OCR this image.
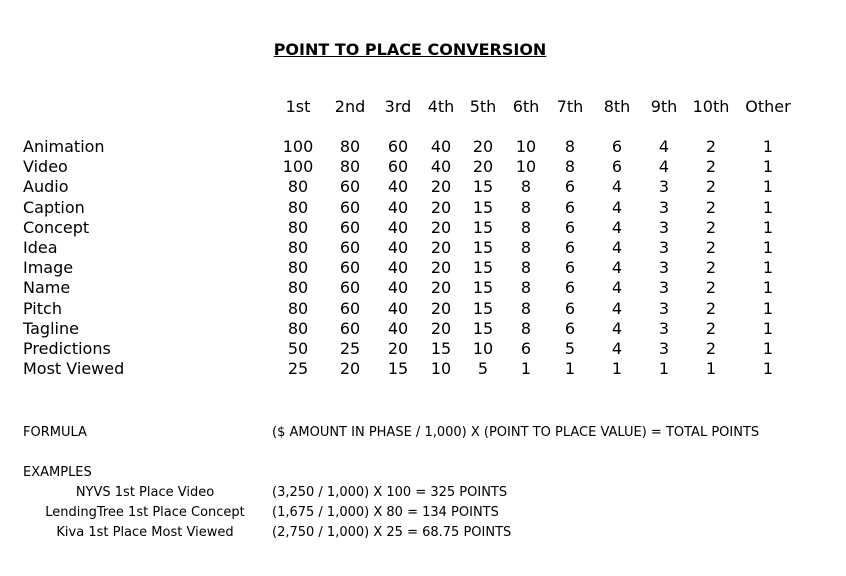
POINT TO PLACE CONVERSION
1st 2nd 3rd 4th 5th 6th 7th 8th 9th 10th Other
Animation	100 80 60 40 20 10 8 6 4 2	1
Video	100 80 60 40 20 10 8 6 4 2	1
Audio	80 60 40 20 15 8 6 4 3 2	1
Caption	80 60 40 20 15 8 6 4 3 2	1
Concept	80 60 40 20 15 8 6 4 3 2	1
Idea	80 60 40 20 15 8 6 4 3 2	1
Image	80 60 40 20 15 8 6 4 3 2	1
Name	80 60 40 20 15 8 6 4 3 2	1
Pitch	80 60 40 20 15 8 6 4 3 2	1
Tagline	80 60 40 20 15 8 6 4 3 2	1
Predictions	50 25 20 15 10 6 5 4 3 2	1
Most Viewed	25 20 15 10 5 1 1 1 1 1	1
FORMULA	($ AMOUNT IN PHASE / 1,000) X (POINT TO PLACE VALUE) = TOTAL POINTS
EXAMPLES
NYVS 1st Place Video	(3,250 / 1,000) X 100 = 325 POINTS
LendingTree 1st Place Concept	(1,675 / 1,000) X 80 = 134 POINTS
Kiva 1st Place Most Viewed	(2,750 / 1,000) X 25 = 68.75 POINTS
